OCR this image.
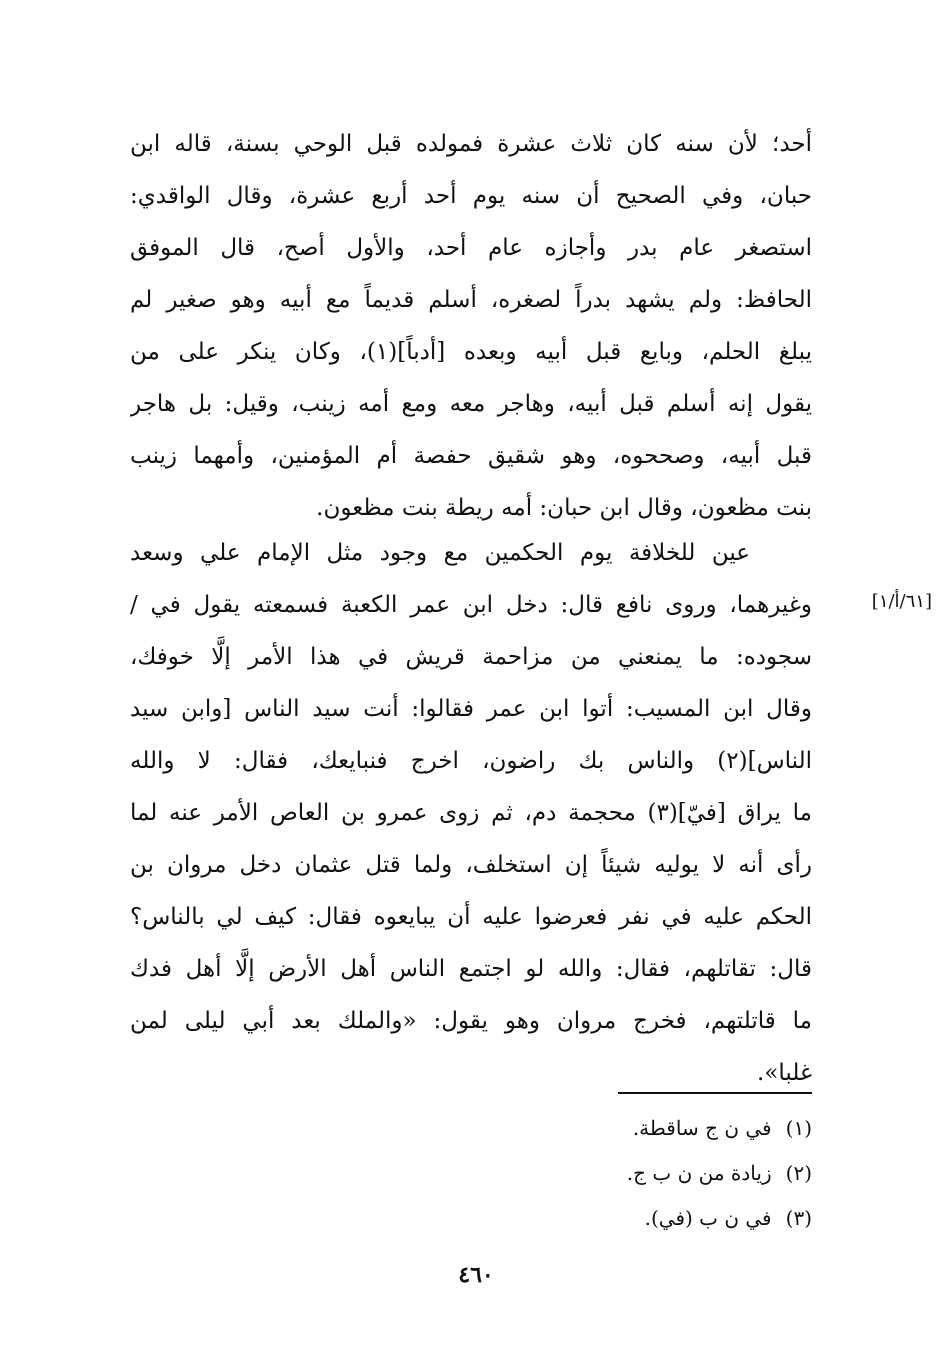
أحد؛ لأن سنه كان ثلاث عشرة فمولده قبل الوحي بسنة، قاله ابن
حبان، وفي الصحيح أن سنه يوم أحد أربع عشرة، وقال الواقدي:
استصغر عام بدر وأجازه عام أحد، والأول أصح، قال الموفق
الحافظ: ولم يشهد بدراً لصغره، أسلم قديماً مع أبيه وهو صغير لم
يبلغ الحلم، وبايع قبل أبيه وبعده [أدباً](١)، وكان ينكر على من
يقول إنه أسلم قبل أبيه، وهاجر معه ومع أمه زينب، وقيل: بل هاجر
قبل أبيه، وصححوه، وهو شقيق حفصة أم المؤمنين، وأمهما زينب
بنت مظعون، وقال ابن حبان: أمه ريطة بنت مظعون.
عين للخلافة يوم الحكمين مع وجود مثل الإمام علي وسعد
وغيرهما، وروى نافع قال: دخل ابن عمر الكعبة فسمعته يقول في /
سجوده: ما يمنعني من مزاحمة قريش في هذا الأمر إلَّا خوفك،
وقال ابن المسيب: أتوا ابن عمر فقالوا: أنت سيد الناس [وابن سيد
الناس](٢) والناس بك راضون، اخرج فنبايعك، فقال: لا والله
ما يراق [فيّ](٣) محجمة دم، ثم زوى عمرو بن العاص الأمر عنه لما
رأى أنه لا يوليه شيئاً إن استخلف، ولما قتل عثمان دخل مروان بن
الحكم عليه في نفر فعرضوا عليه أن يبايعوه فقال: كيف لي بالناس؟
قال: تقاتلهم، فقال: والله لو اجتمع الناس أهل الأرض إلَّا أهل فدك
ما قاتلتهم، فخرج مروان وهو يقول: «والملك بعد أبي ليلى لمن
غلبا».
[٦١/أ/١]
(١)في ن ج ساقطة.
(٢)زيادة من ن ب ج.
(٣)في ن ب (في).
٤٦٠
